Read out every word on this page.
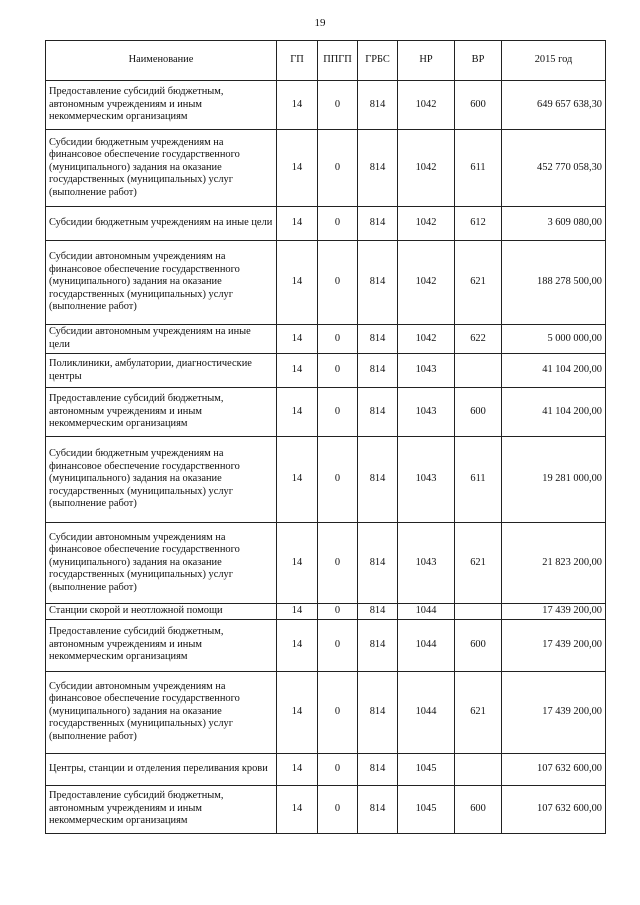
19
Наименование	ГП	ППГП	ГРБС	НР	ВР	2015 год
Предоставление субсидий бюджетным, автономным учреждениям и иным некоммерческим организациям	14	0	814	1042	600	649 657 638,30
Субсидии бюджетным учреждениям на финансовое обеспечение государственного (муниципального) задания на оказание государственных (муниципальных) услуг (выполнение работ)	14	0	814	1042	611	452 770 058,30
Субсидии бюджетным учреждениям на иные цели	14	0	814	1042	612	3 609 080,00
Субсидии автономным учреждениям на финансовое обеспечение государственного (муниципального) задания на оказание государственных (муниципальных) услуг (выполнение работ)	14	0	814	1042	621	188 278 500,00
Субсидии автономным учреждениям на иные цели	14	0	814	1042	622	5 000 000,00
Поликлиники, амбулатории, диагностические центры	14	0	814	1043		41 104 200,00
Предоставление субсидий бюджетным, автономным учреждениям и иным некоммерческим организациям	14	0	814	1043	600	41 104 200,00
Субсидии бюджетным учреждениям на финансовое обеспечение государственного (муниципального) задания на оказание государственных (муниципальных) услуг (выполнение работ)	14	0	814	1043	611	19 281 000,00
Субсидии автономным учреждениям на финансовое обеспечение государственного (муниципального) задания на оказание государственных (муниципальных) услуг (выполнение работ)	14	0	814	1043	621	21 823 200,00
Станции скорой и неотложной помощи	14	0	814	1044		17 439 200,00
Предоставление субсидий бюджетным, автономным учреждениям и иным некоммерческим организациям	14	0	814	1044	600	17 439 200,00
Субсидии автономным учреждениям на финансовое обеспечение государственного (муниципального) задания на оказание государственных (муниципальных) услуг (выполнение работ)	14	0	814	1044	621	17 439 200,00
Центры, станции и отделения переливания крови	14	0	814	1045		107 632 600,00
Предоставление субсидий бюджетным, автономным учреждениям и иным некоммерческим организациям	14	0	814	1045	600	107 632 600,00
